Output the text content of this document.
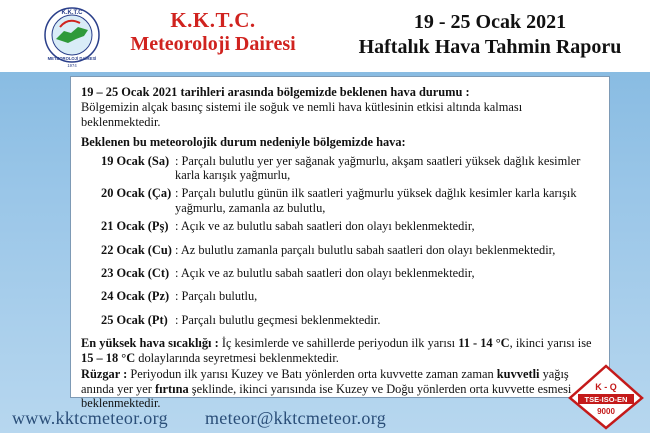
K.K.T.C
METEOROLOJİ DAİRESİ
1974
K.K.T.C.
Meteoroloji Dairesi
19 - 25 Ocak 2021
Haftalık Hava Tahmin Raporu
19 – 25 Ocak 2021 tarihleri arasında bölgemizde beklenen hava durumu :
Bölgemizin alçak basınç sistemi ile soğuk ve nemli hava kütlesinin etkisi altında kalması beklenmektedir.
Beklenen bu meteorolojik durum nedeniyle bölgemizde hava:
19 Ocak (Sa) : Parçalı bulutlu yer yer sağanak yağmurlu, akşam saatleri yüksek dağlık kesimler karla karışık yağmurlu,
20 Ocak (Ça) : Parçalı bulutlu günün ilk saatleri yağmurlu yüksek dağlık kesimler karla karışık yağmurlu, zamanla az bulutlu,
21 Ocak (Pş) : Açık ve az bulutlu sabah saatleri don olayı beklenmektedir,
22 Ocak (Cu) : Az bulutlu zamanla parçalı bulutlu sabah saatleri don olayı beklenmektedir,
23 Ocak (Ct) : Açık ve az bulutlu sabah saatleri don olayı beklenmektedir,
24 Ocak (Pz) : Parçalı bulutlu,
25 Ocak (Pt) : Parçalı bulutlu geçmesi beklenmektedir.
En yüksek hava sıcaklığı : İç kesimlerde ve sahillerde periyodun ilk yarısı 11 - 14 °C, ikinci yarısı ise 15 – 18 °C dolaylarında seyretmesi beklenmektedir.
Rüzgar : Periyodun ilk yarısı Kuzey ve Batı yönlerden orta kuvvette zaman zaman kuvvetli yağış anında yer yer fırtına şeklinde, ikinci yarısında ise Kuzey ve Doğu yönlerden orta kuvvette esmesi beklenmektedir.
www.kktcmeteor.org meteor@kktcmeteor.org
K - Q
TSE-ISO-EN
9000
